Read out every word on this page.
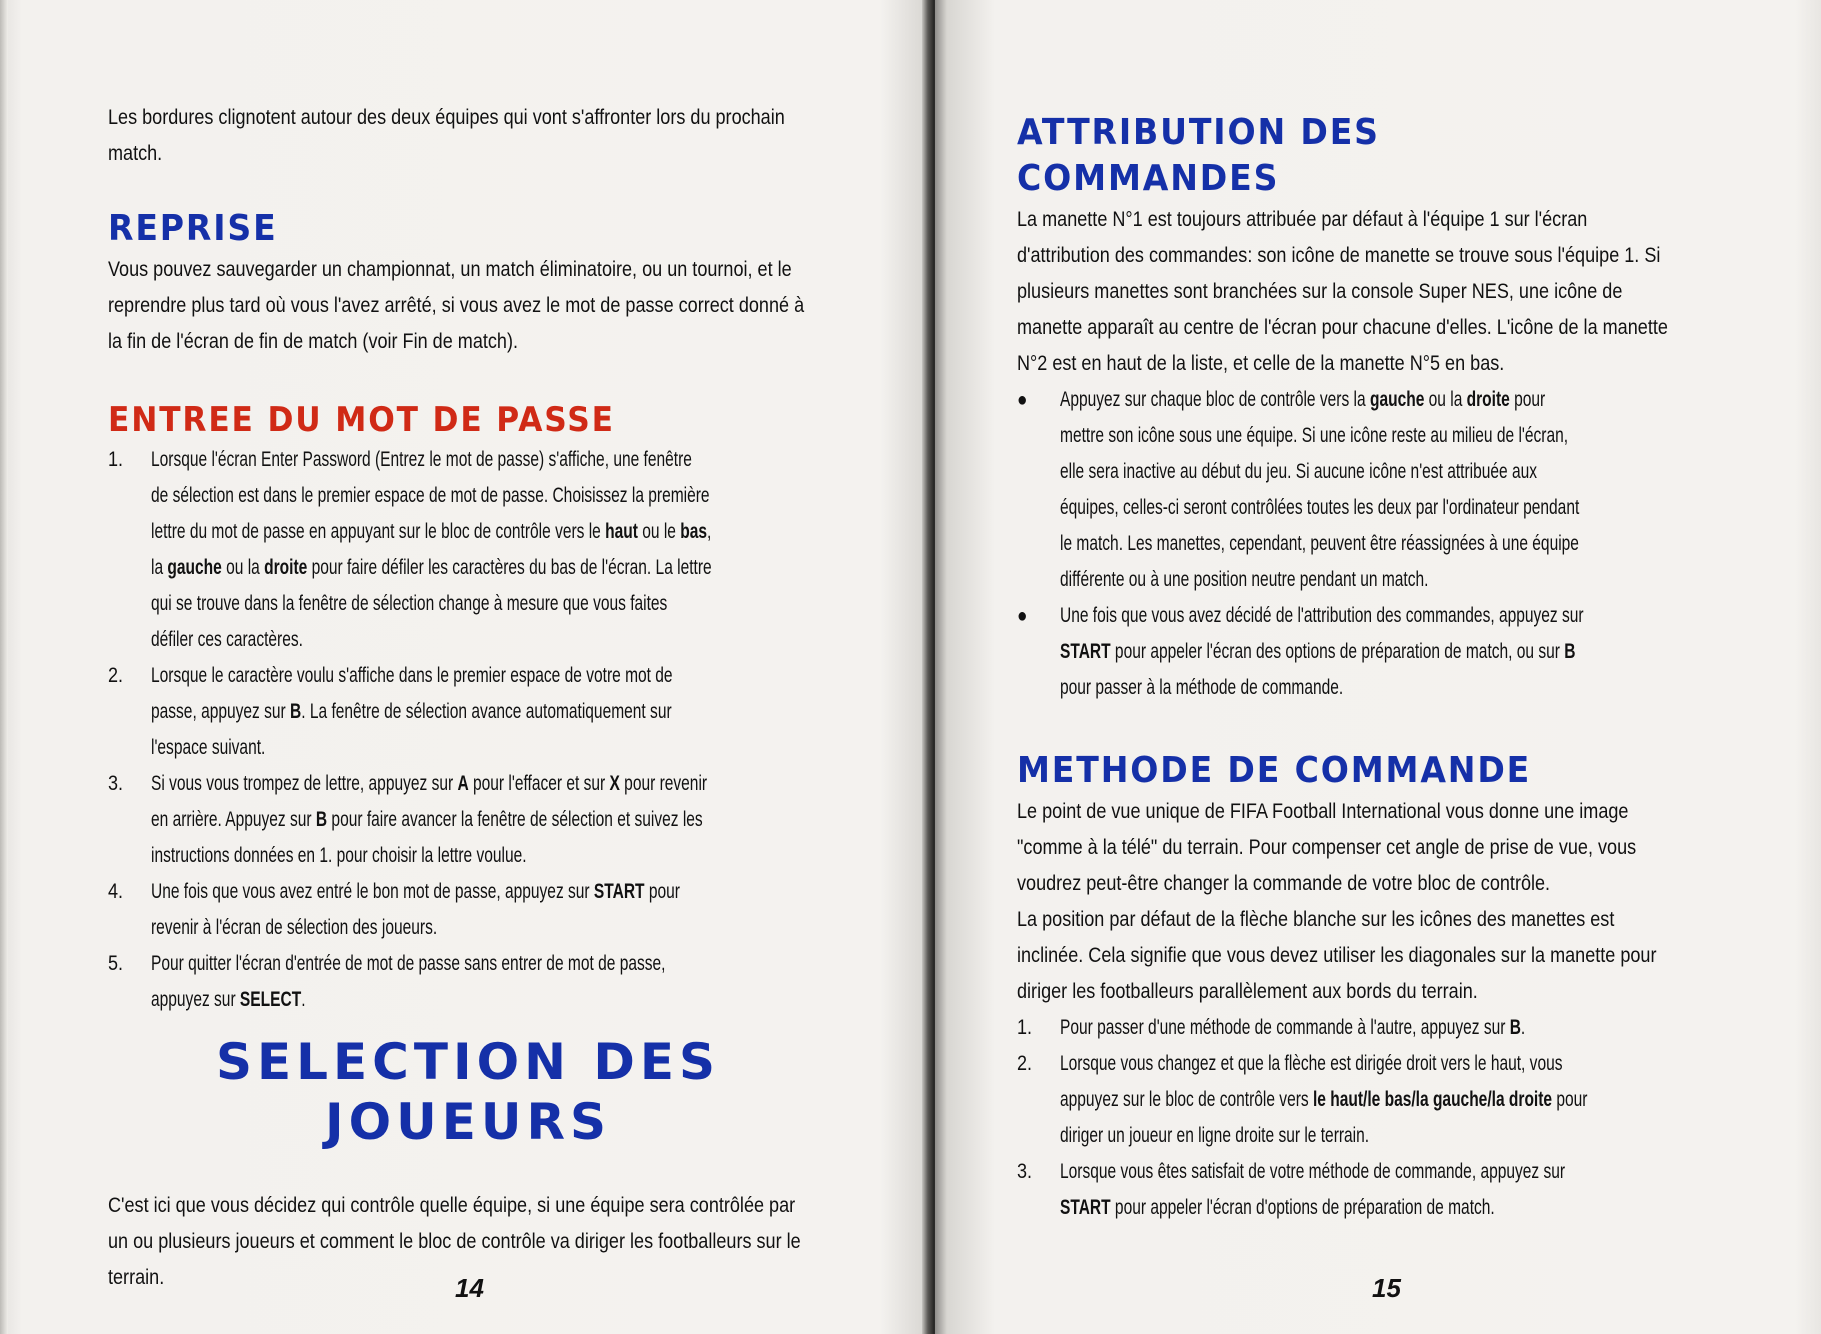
Les bordures clignotent autour des deux équipes qui vont s'affronter lors du prochain match.

REPRISE

Vous pouvez sauvegarder un championnat, un match éliminatoire, ou un tournoi, et le reprendre plus tard où vous l'avez arrêté, si vous avez le mot de passe correct donné à la fin de l'écran de fin de match (voir Fin de match).

ENTREE DU MOT DE PASSE
1. Lorsque l'écran Enter Password (Entrez le mot de passe) s'affiche, une fenêtre de sélection est dans le premier espace de mot de passe. Choisissez la première lettre du mot de passe en appuyant sur le bloc de contrôle vers le haut ou le bas, la gauche ou la droite pour faire défiler les caractères du bas de l'écran. La lettre qui se trouve dans la fenêtre de sélection change à mesure que vous faites défiler ces caractères.

2. Lorsque le caractère voulu s'affiche dans le premier espace de votre mot de passe, appuyez sur B. La fenêtre de sélection avance automatiquement sur l'espace suivant.

3. Si vous vous trompez de lettre, appuyez sur A pour l'effacer et sur X pour revenir en arrière. Appuyez sur B pour faire avancer la fenêtre de sélection et suivez les instructions données en 1. pour choisir la lettre voulue.

4. Une fois que vous avez entré le bon mot de passe, appuyez sur START pour revenir à l'écran de sélection des joueurs.

5. Pour quitter l'écran d'entrée de mot de passe sans entrer de mot de passe, appuyez sur SELECT.

SELECTION DES JOUEURS

C'est ici que vous décidez qui contrôle quelle équipe, si une équipe sera contrôlée par un ou plusieurs joueurs et comment le bloc de contrôle va diriger les footballeurs sur le terrain.	14
ATTRIBUTION DES COMMANDES

La manette N°1 est toujours attribuée par défaut à l'équipe 1 sur l'écran d'attribution des commandes: son icône de manette se trouve sous l'équipe 1. Si plusieurs manettes sont branchées sur la console Super NES, une icône de manette apparaît au centre de l'écran pour chacune d'elles. L'icône de la manette N°2 est en haut de la liste, et celle de la manette N°5 en bas.

● Appuyez sur chaque bloc de contrôle vers la gauche ou la droite pour mettre son icône sous une équipe. Si une icône reste au milieu de l'écran, elle sera inactive au début du jeu. Si aucune icône n'est attribuée aux équipes, celles-ci seront contrôlées toutes les deux par l'ordinateur pendant le match. Les manettes, cependant, peuvent être réassignées à une équipe différente ou à une position neutre pendant un match.

● Une fois que vous avez décidé de l'attribution des commandes, appuyez sur START pour appeler l'écran des options de préparation de match, ou sur B pour passer à la méthode de commande.

METHODE DE COMMANDE

Le point de vue unique de FIFA Football International vous donne une image "comme à la télé" du terrain. Pour compenser cet angle de prise de vue, vous voudrez peut-être changer la commande de votre bloc de contrôle.

La position par défaut de la flèche blanche sur les icônes des manettes est inclinée. Cela signifie que vous devez utiliser les diagonales sur la manette pour diriger les footballeurs parallèlement aux bords du terrain.

1. Pour passer d'une méthode de commande à l'autre, appuyez sur B.

2. Lorsque vous changez et que la flèche est dirigée droit vers le haut, vous appuyez sur le bloc de contrôle vers le haut/le bas/la gauche/la droite pour diriger un joueur en ligne droite sur le terrain.

3. Lorsque vous êtes satisfait de votre méthode de commande, appuyez sur START pour appeler l'écran d'options de préparation de match.

15
